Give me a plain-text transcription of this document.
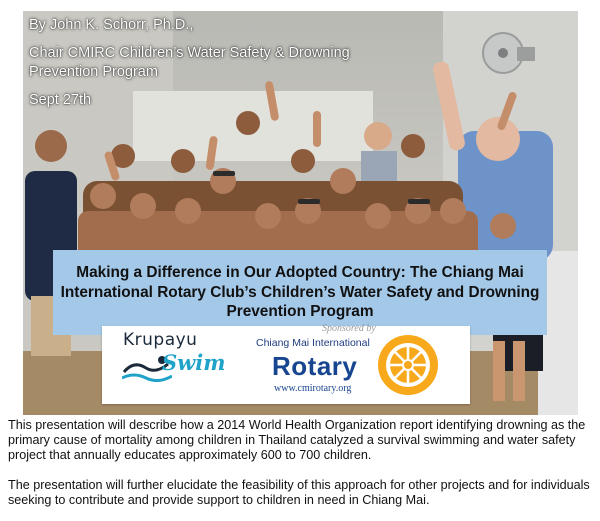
By John K. Schorr, Ph.D.,
Chair CMIRC Children’s Water Safety & Drowning
Prevention Program
Sept 27th
Making a Difference in Our Adopted Country: The Chiang Mai International Rotary Club’s Children’s Water Safety and Drowning Prevention Program
Krupayu
Swim
Sponsored by
Chiang Mai International
Rotary
www.cmirotary.org
This presentation will describe how a 2014 World Health Organization report identifying drowning as the primary cause of mortality among children in Thailand catalyzed a survival swimming and water safety project that annually educates approximately 600 to 700 children.
The presentation will further elucidate the feasibility of this approach for other projects and for individuals seeking to contribute and provide support to children in need in Chiang Mai.
